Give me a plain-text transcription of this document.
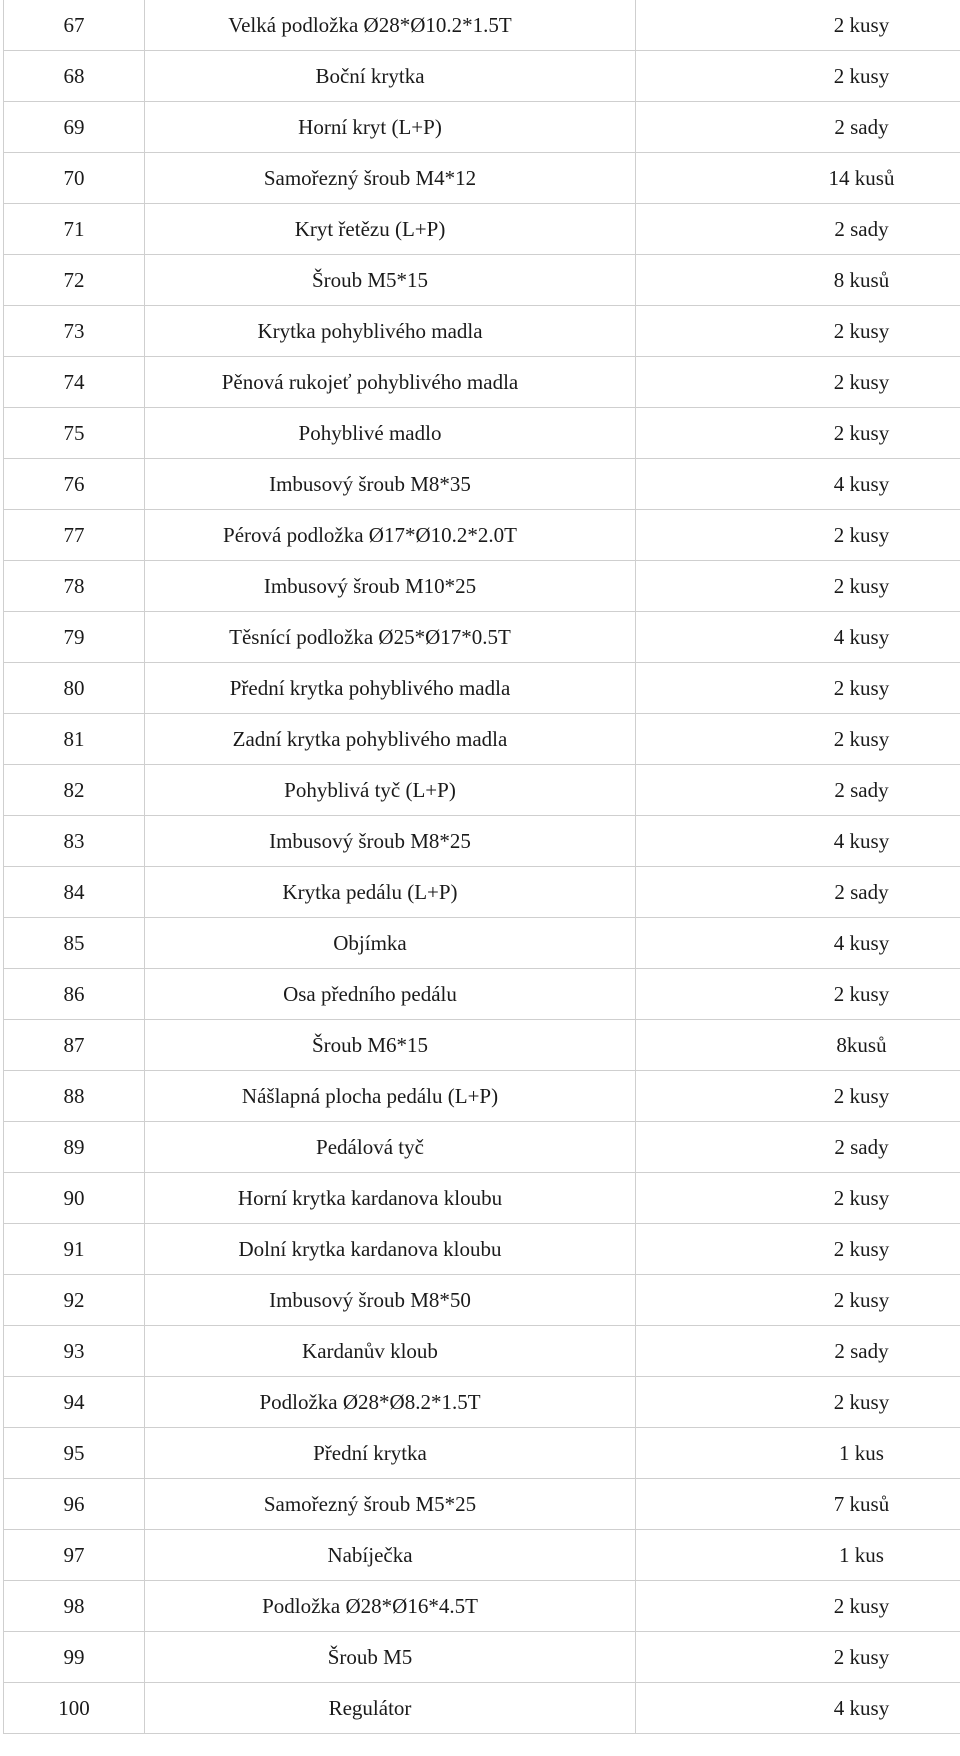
67	Velká podložka Ø28*Ø10.2*1.5T	2 kusy
68	Boční krytka	2 kusy
69	Horní kryt (L+P)	2 sady
70	Samořezný šroub M4*12	14 kusů
71	Kryt řetězu (L+P)	2 sady
72	Šroub M5*15	8 kusů
73	Krytka pohyblivého madla	2 kusy
74	Pěnová rukojeť pohyblivého madla	2 kusy
75	Pohyblivé madlo	2 kusy
76	Imbusový šroub M8*35	4 kusy
77	Pérová podložka Ø17*Ø10.2*2.0T	2 kusy
78	Imbusový šroub M10*25	2 kusy
79	Těsnící podložka Ø25*Ø17*0.5T	4 kusy
80	Přední krytka pohyblivého madla	2 kusy
81	Zadní krytka pohyblivého madla	2 kusy
82	Pohyblivá tyč (L+P)	2 sady
83	Imbusový šroub M8*25	4 kusy
84	Krytka pedálu (L+P)	2 sady
85	Objímka	4 kusy
86	Osa předního pedálu	2 kusy
87	Šroub M6*15	8kusů
88	Nášlapná plocha pedálu (L+P)	2 kusy
89	Pedálová tyč	2 sady
90	Horní krytka kardanova kloubu	2 kusy
91	Dolní krytka kardanova kloubu	2 kusy
92	Imbusový šroub M8*50	2 kusy
93	Kardanův kloub	2 sady
94	Podložka Ø28*Ø8.2*1.5T	2 kusy
95	Přední krytka	1 kus
96	Samořezný šroub M5*25	7 kusů
97	Nabíječka	1 kus
98	Podložka Ø28*Ø16*4.5T	2 kusy
99	Šroub M5	2 kusy
100	Regulátor	4 kusy
